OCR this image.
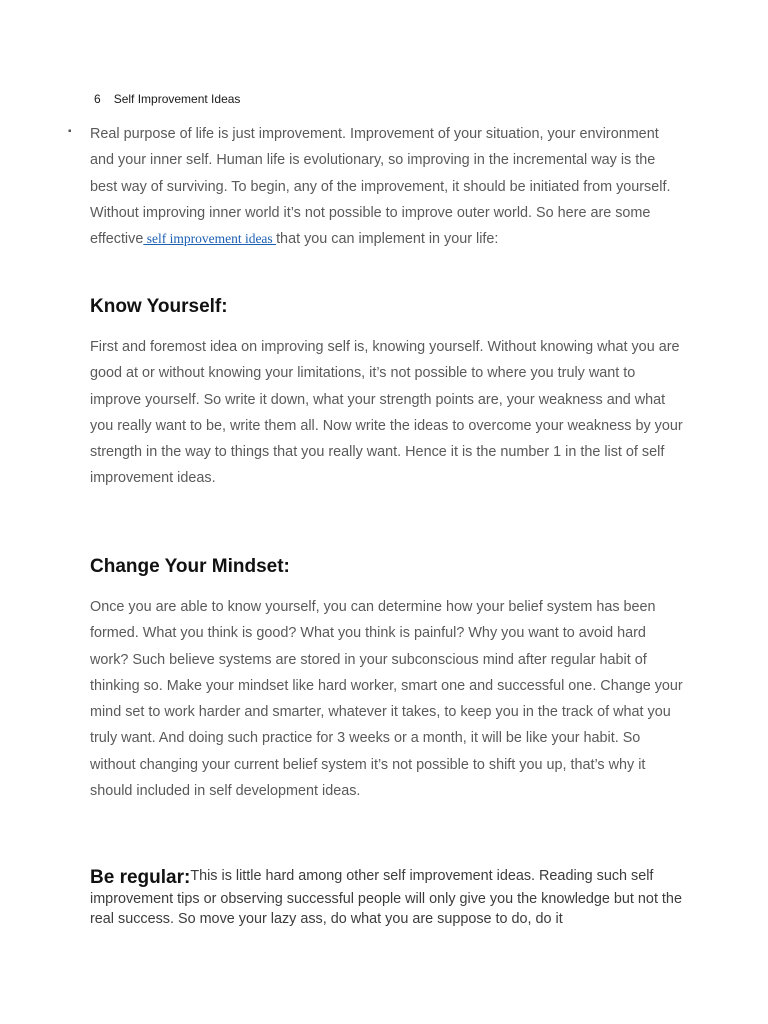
6 Self Improvement Ideas
▪ Real purpose of life is just improvement. Improvement of your situation, your environment and your inner self. Human life is evolutionary, so improving in the incremental way is the best way of surviving. To begin, any of the improvement, it should be initiated from yourself. Without improving inner world it’s not possible to improve outer world. So here are some effective self improvement ideas that you can implement in your life:

Know Yourself:

First and foremost idea on improving self is, knowing yourself. Without knowing what you are good at or without knowing your limitations, it’s not possible to where you truly want to improve yourself. So write it down, what your strength points are, your weakness and what you really want to be, write them all. Now write the ideas to overcome your weakness by your strength in the way to things that you really want. Hence it is the number 1 in the list of self improvement ideas.

Change Your Mindset:

Once you are able to know yourself, you can determine how your belief system has been formed. What you think is good? What you think is painful? Why you want to avoid hard work? Such believe systems are stored in your subconscious mind after regular habit of thinking so. Make your mindset like hard worker, smart one and successful one. Change your mind set to work harder and smarter, whatever it takes, to keep you in the track of what you truly want. And doing such practice for 3 weeks or a month, it will be like your habit. So without changing your current belief system it’s not possible to shift you up, that’s why it should included in self development ideas.

Be regular:This is little hard among other self improvement ideas. Reading such self improvement tips or observing successful people will only give you the knowledge but not the real success. So move your lazy ass, do what you are suppose to do, do it
